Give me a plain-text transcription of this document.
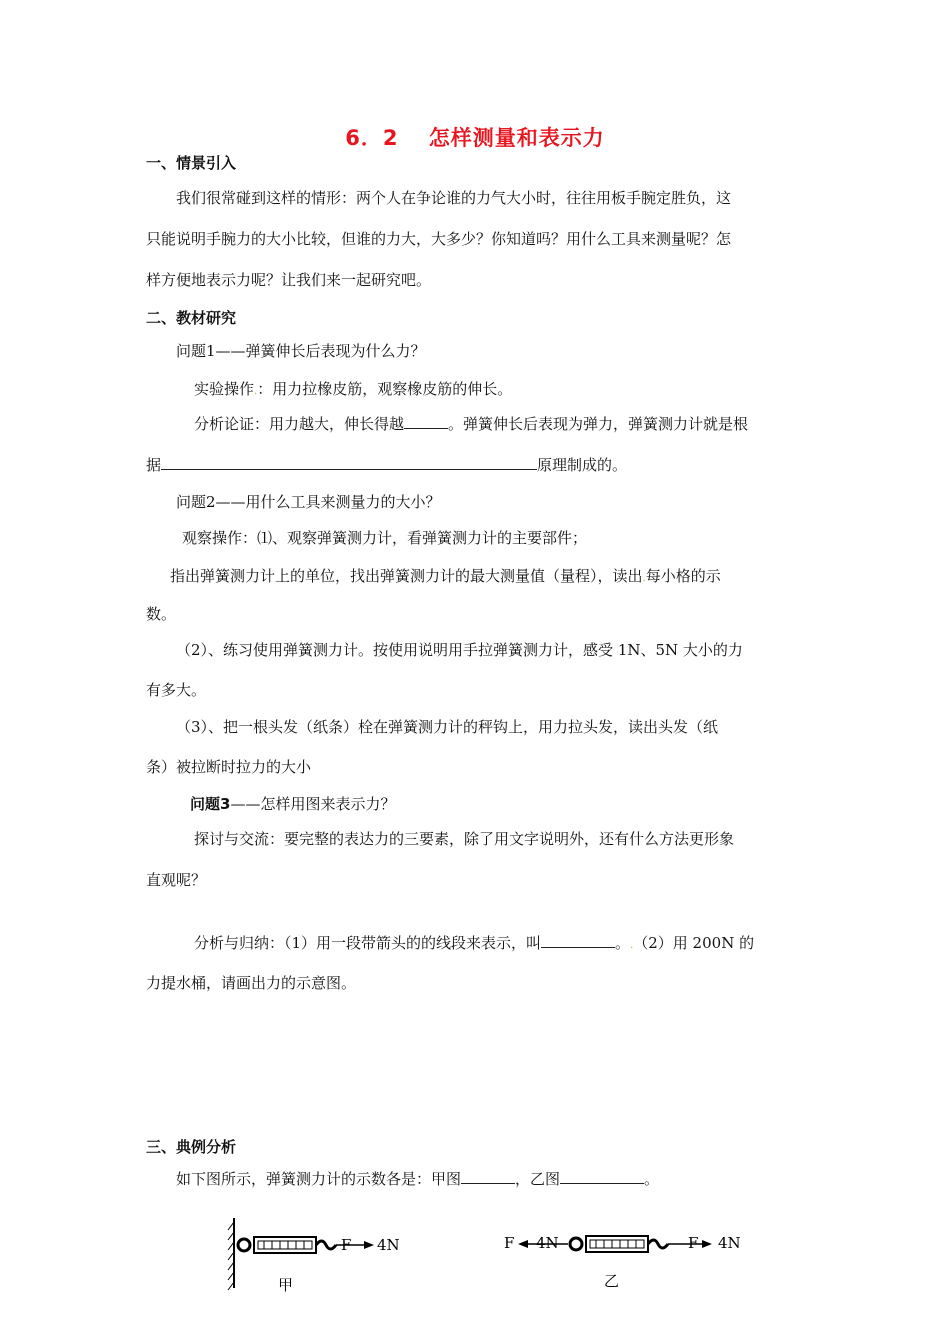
6．2　 怎样测量和表示力
一、情景引入
我们很常碰到这样的情形：两个人在争论谁的力气大小时，往往用板手腕定胜负，这
只能说明手腕力的大小比较，但谁的力大，大多少？你知道吗？用什么工具来测量呢？怎
样方便地表示力呢？让我们来一起研究吧。
二、教材研究
问题1——弹簧伸长后表现为什么力？
实验操作.：用力拉橡皮筋，观察橡皮筋的伸长。
分析论证：用力越大，伸长得越	。弹簧伸长后表现为弹力，弹簧测力计就是根
据	原理制成的。
问题2——用什么工具来测量力的大小？
观察操作：⑴、观察弹簧测力计，看弹簧测力计的主要部件；
指出弹簧测力计上的单位，找出弹簧测力计的最大测量值（量程），读出.每小格的示
数。
（2）、练习使用弹簧测力计。按使用说明用手拉弹簧测力计，感受 1N、5N 大小的力
有多大。
（3）、把一根头发（纸条）栓在弹簧测力计的秤钩上，用力拉头发，读出头发（纸
条）被拉断时拉力的大小
问题3——怎样用图来表示力？
探讨与交流：要完整的表达力的三要素，除了用文字说明外，还有什么方法更形象
直观呢？
分析与归纳：（1）用一段带箭头的的线段来表示，叫	。.（2）用 200N 的
力提水桶，请画出力的示意图。
三、典例分析
如下图所示，弹簧测力计的示数各是：甲图	，乙图	。
F 4N
甲
F 4N	F 4N
乙
